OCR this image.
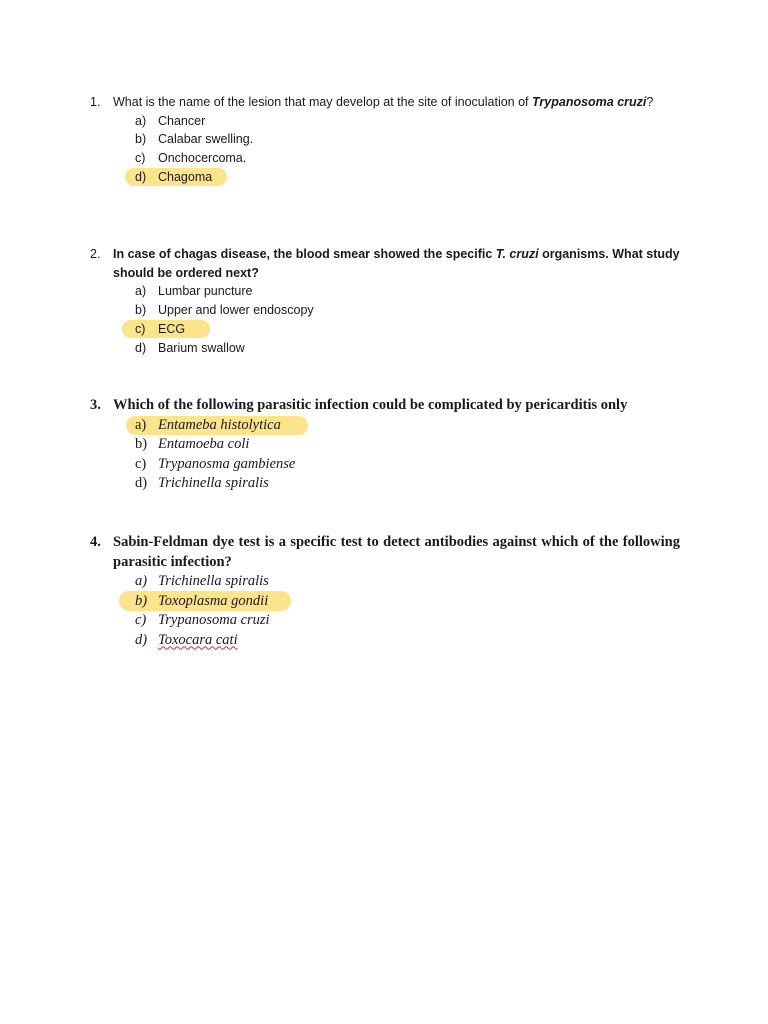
1. What is the name of the lesion that may develop at the site of inoculation of Trypanosoma cruzi?
a) Chancer
b) Calabar swelling.
c) Onchocercoma.
d) Chagoma
2. In case of chagas disease, the blood smear showed the specific T. cruzi organisms. What study should be ordered next?
a) Lumbar puncture
b) Upper and lower endoscopy
c) ECG
d) Barium swallow
3. Which of the following parasitic infection could be complicated by pericarditis only
a) Entameba histolytica
b) Entamoeba coli
c) Trypanosma gambiense
d) Trichinella spiralis
4. Sabin-Feldman dye test is a specific test to detect antibodies against which of the following parasitic infection?
a) Trichinella spiralis
b) Toxoplasma gondii
c) Trypanosoma cruzi
d) Toxocara cati
